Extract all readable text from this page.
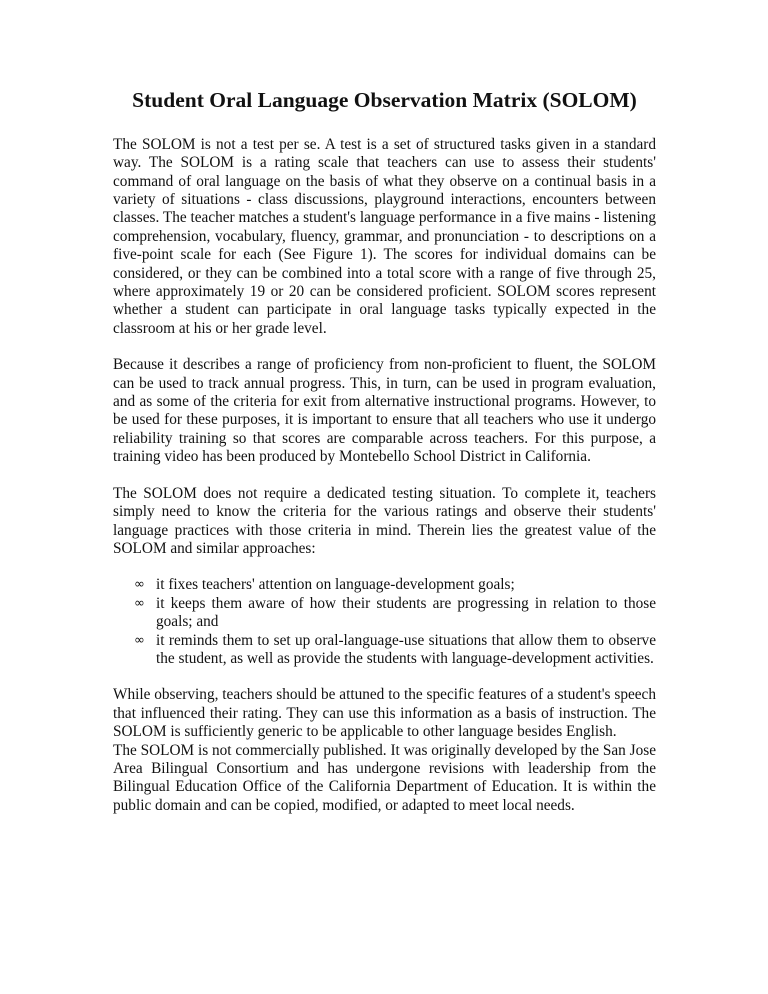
Student Oral Language Observation Matrix (SOLOM)

The SOLOM is not a test per se. A test is a set of structured tasks given in a standard way. The SOLOM is a rating scale that teachers can use to assess their students' command of oral language on the basis of what they observe on a continual basis in a variety of situations - class discussions, playground interactions, encounters between classes. The teacher matches a student's language performance in a five mains - listening comprehension, vocabulary, fluency, grammar, and pronunciation - to descriptions on a five-point scale for each (See Figure 1). The scores for individual domains can be considered, or they can be combined into a total score with a range of five through 25, where approximately 19 or 20 can be considered proficient. SOLOM scores represent whether a student can participate in oral language tasks typically expected in the classroom at his or her grade level.

Because it describes a range of proficiency from non-proficient to fluent, the SOLOM can be used to track annual progress. This, in turn, can be used in program evaluation, and as some of the criteria for exit from alternative instructional programs. However, to be used for these purposes, it is important to ensure that all teachers who use it undergo reliability training so that scores are comparable across teachers. For this purpose, a training video has been produced by Montebello School District in California.

The SOLOM does not require a dedicated testing situation. To complete it, teachers simply need to know the criteria for the various ratings and observe their students' language practices with those criteria in mind. Therein lies the greatest value of the SOLOM and similar approaches:

∞ it fixes teachers' attention on language-development goals;
∞ it keeps them aware of how their students are progressing in relation to those goals; and
∞ it reminds them to set up oral-language-use situations that allow them to observe the student, as well as provide the students with language-development activities.

While observing, teachers should be attuned to the specific features of a student's speech that influenced their rating. They can use this information as a basis of instruction. The SOLOM is sufficiently generic to be applicable to other language besides English.

The SOLOM is not commercially published. It was originally developed by the San Jose Area Bilingual Consortium and has undergone revisions with leadership from the Bilingual Education Office of the California Department of Education. It is within the public domain and can be copied, modified, or adapted to meet local needs.
